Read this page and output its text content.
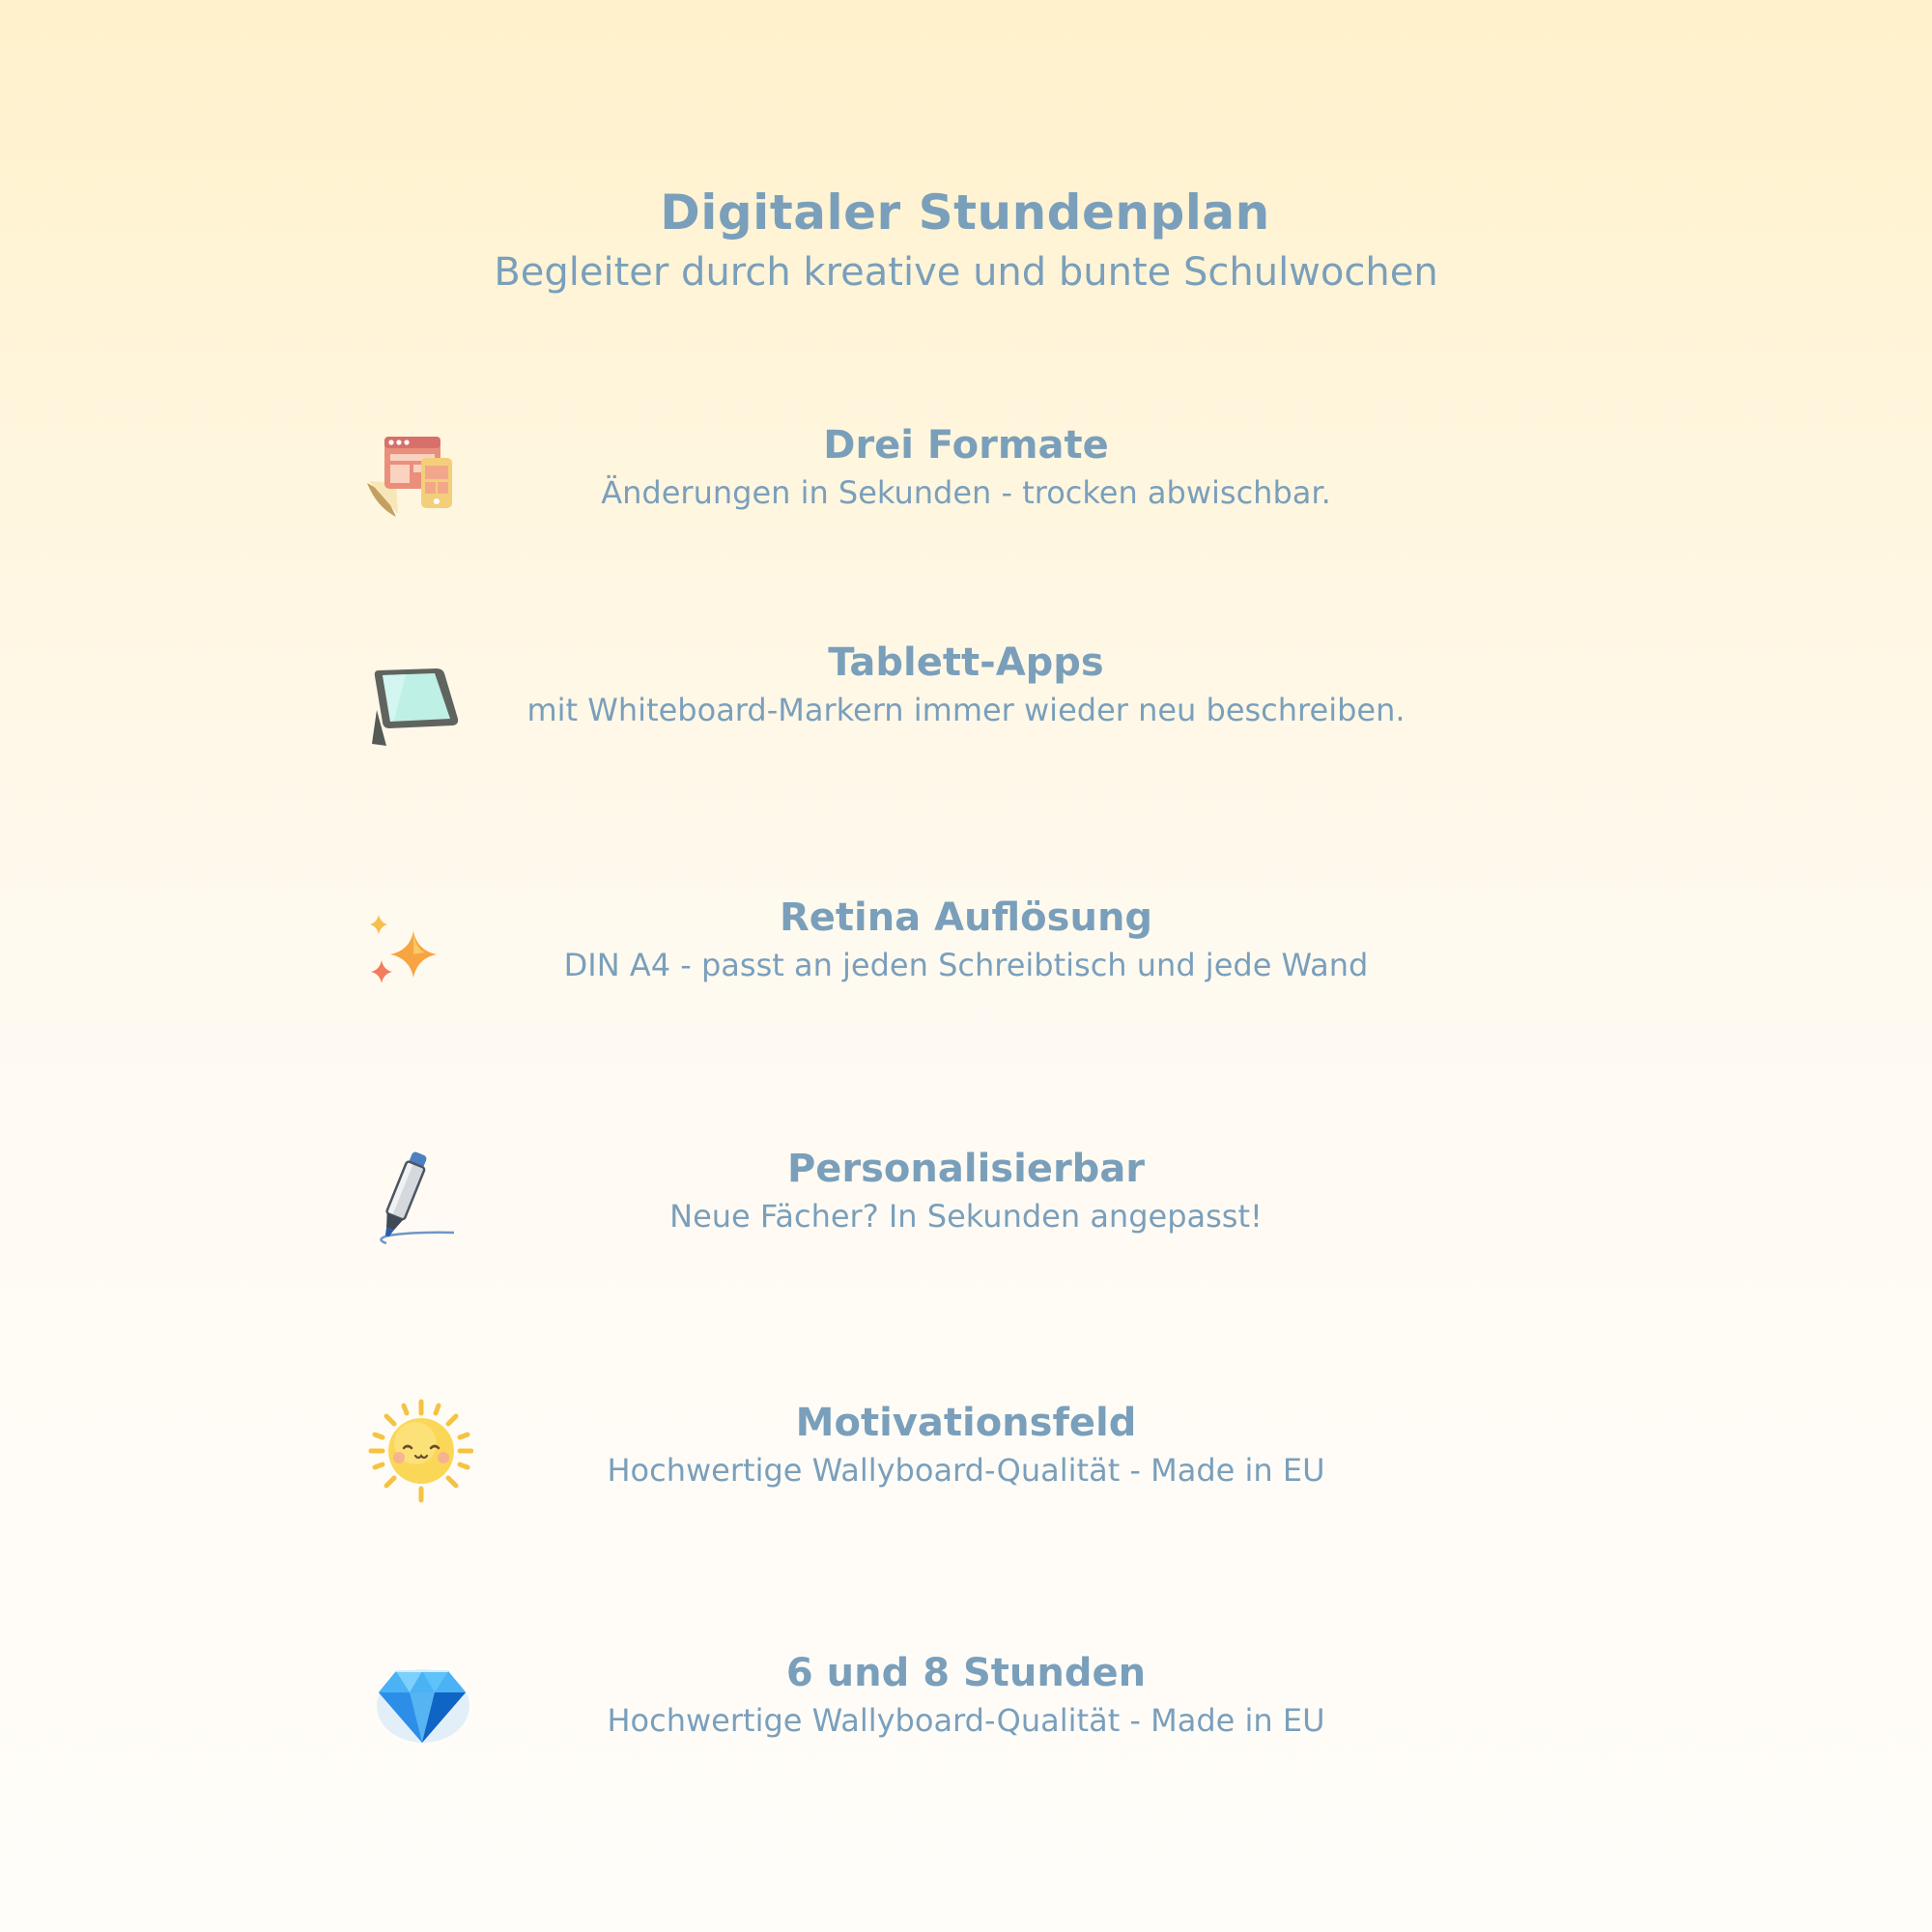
Digitaler Stundenplan

Begleiter durch kreative und bunte Schulwochen

Drei Formate

Änderungen in Sekunden - trocken abwischbar.

Tablett-Apps

mit Whiteboard-Markern immer wieder neu beschreiben.

Retina Auflösung

DIN A4 - passt an jeden Schreibtisch und jede Wand

Personalisierbar

Neue Fächer? In Sekunden angepasst!

Motivationsfeld

Hochwertige Wallyboard-Qualität - Made in EU

6 und 8 Stunden

Hochwertige Wallyboard-Qualität - Made in EU
